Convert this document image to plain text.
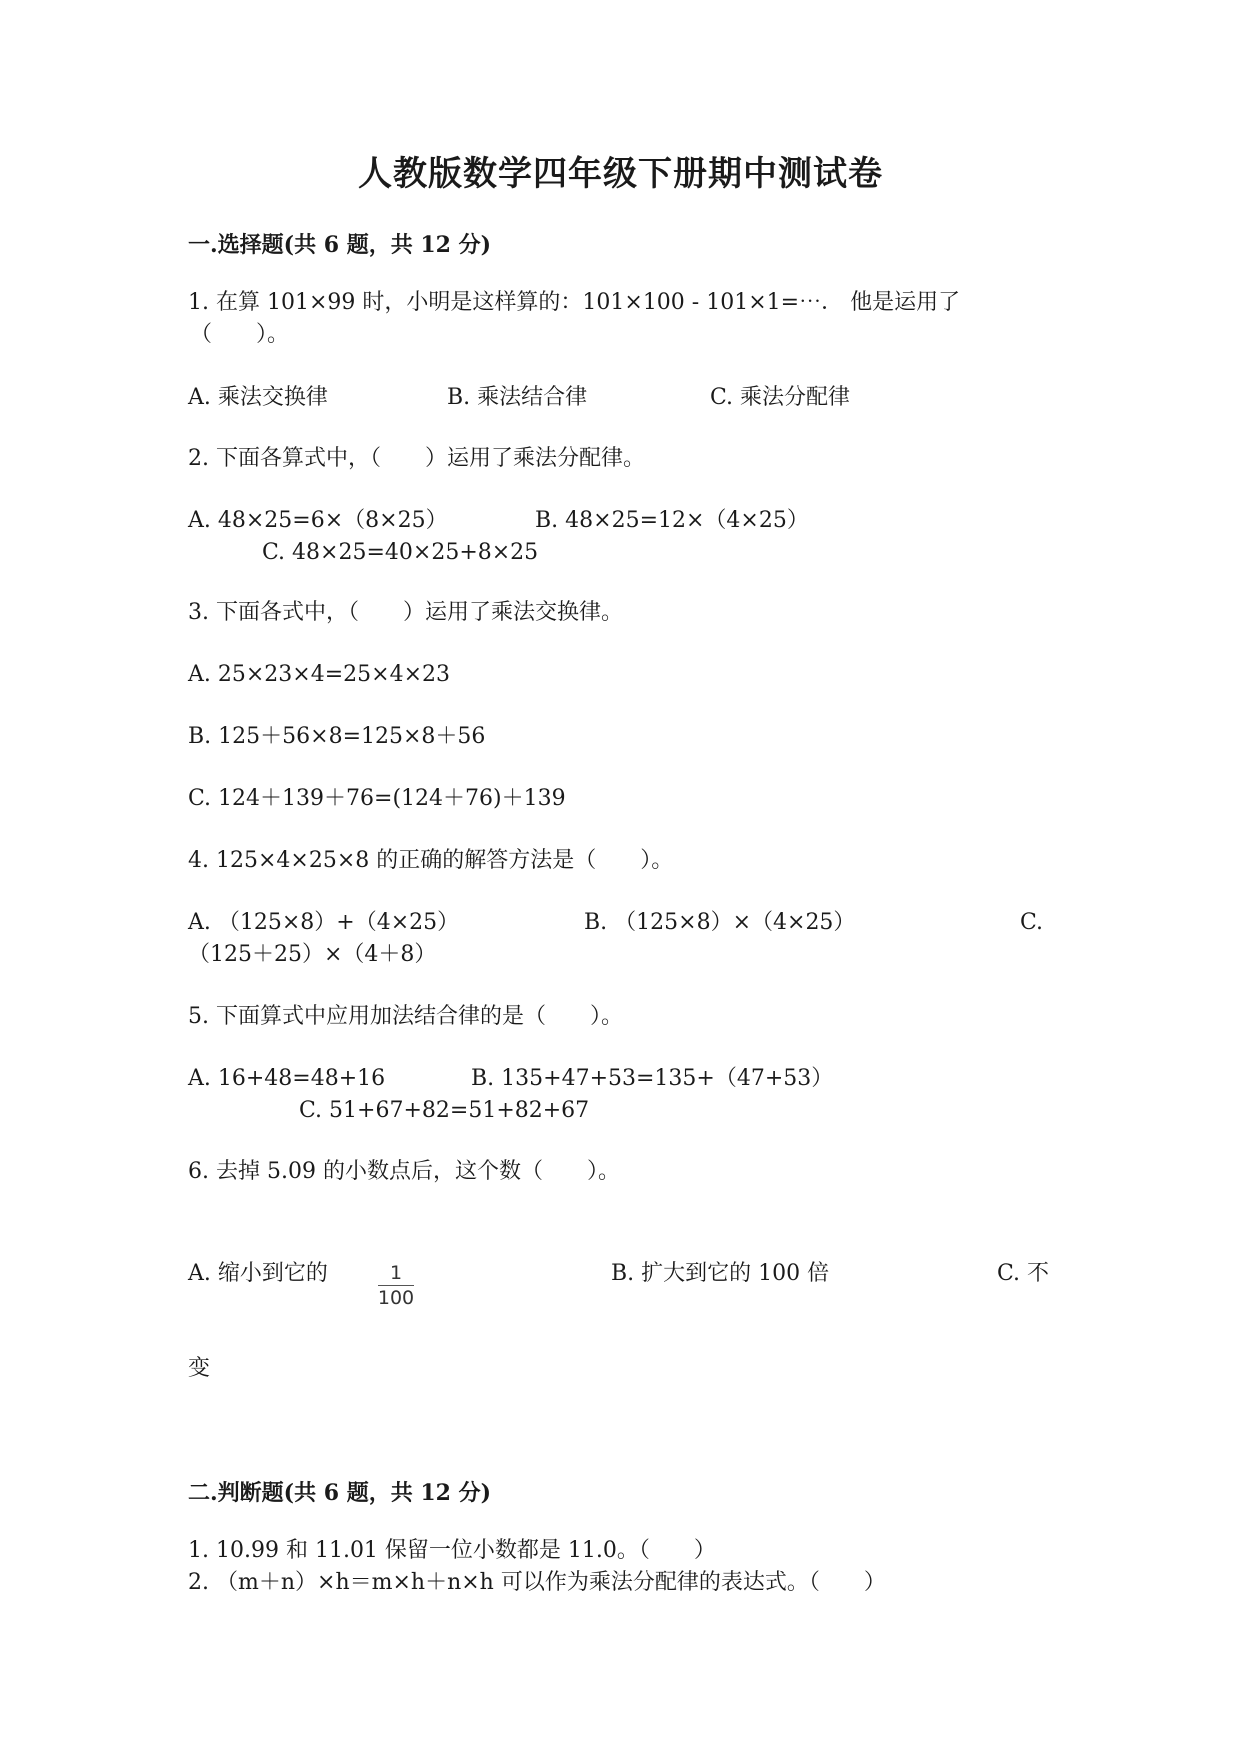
人教版数学四年级下册期中测试卷
一.选择题(共 6 题，共 12 分)
1. 在算 101×99 时，小明是这样算的：101×100 - 101×1=⋯． 他是运用了
（　　）。
A. 乘法交换律	B. 乘法结合律	C. 乘法分配律
2. 下面各算式中，（　　）运用了乘法分配律。
A. 48×25=6×（8×25）	B. 48×25=12×（4×25）
C. 48×25=40×25+8×25
3. 下面各式中，（　　）运用了乘法交换律。
A. 25×23×4=25×4×23
B. 125＋56×8=125×8＋56
C. 124＋139＋76=(124＋76)＋139
4. 125×4×25×8 的正确的解答方法是（　　）。
A. （125×8）+（4×25）	B. （125×8）×（4×25）	C.
（125＋25）×（4＋8）
5. 下面算式中应用加法结合律的是（　　）。
A. 16+48=48+16	B. 135+47+53=135+（47+53）
C. 51+67+82=51+82+67
6. 去掉 5.09 的小数点后，这个数（　　）。
A. 缩小到它的	1
100
B. 扩大到它的 100 倍	C. 不
变
二.判断题(共 6 题，共 12 分)
1. 10.99 和 11.01 保留一位小数都是 11.0。（　　）
2. （m＋n）×h＝m×h＋n×h 可以作为乘法分配律的表达式。（　　）
